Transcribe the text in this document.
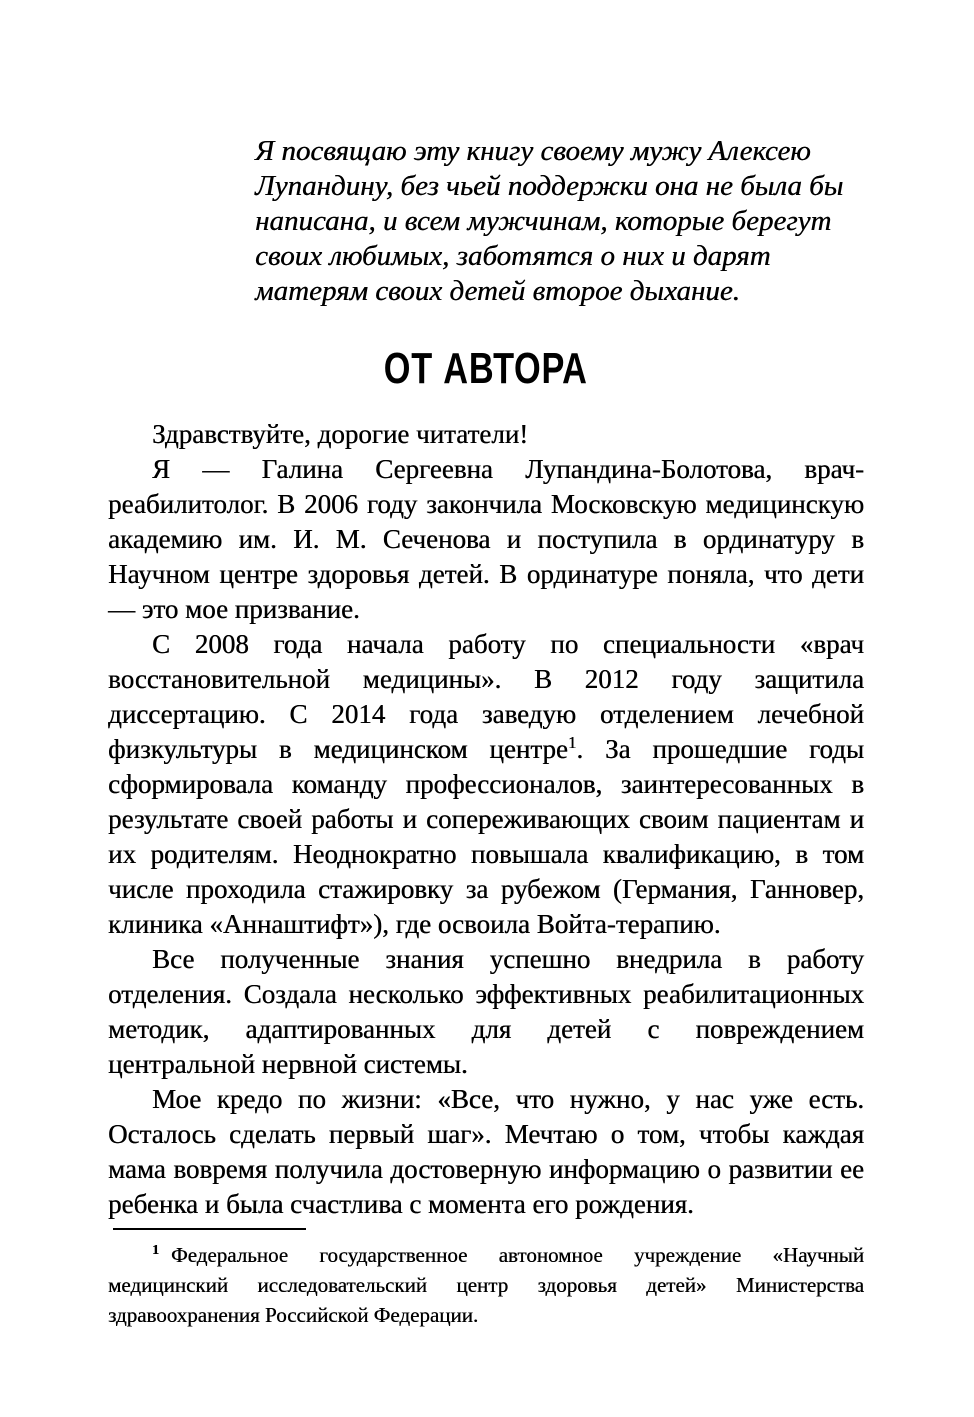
Я посвящаю эту книгу своему мужу Алексею
Лупандину, без чьей поддержки она не была бы
написана, и всем мужчинам, которые берегут
своих любимых, заботятся о них и дарят
матерям своих детей второе дыхание.
ОТ АВТОРА

Здравствуйте, дорогие читатели!

Я — Галина Сергеевна Лупандина-Болотова, врач-реабилитолог. В 2006 году закончила Московскую медицинскую академию им. И. М. Сеченова и поступила в ординатуру в Научном центре здоровья детей. В ординатуре поняла, что дети — это мое призвание.

С 2008 года начала работу по специальности «врач восстановительной медицины». В 2012 году защитила диссертацию. С 2014 года заведую отделением лечебной физкультуры в медицинском центре$^1$. За прошедшие годы сформировала команду профессионалов, заинтересованных в результате своей работы и сопереживающих своим пациентам и их родителям. Неоднократно повышала квалификацию, в том числе проходила стажировку за рубежом (Германия, Ганновер, клиника «Аннаштифт»), где освоила Войта-терапию.

Все полученные знания успешно внедрила в работу отделения. Создала несколько эффективных реабилитационных методик, адаптированных для детей с повреждением центральной нервной системы.

Мое кредо по жизни: «Все, что нужно, у нас уже есть. Осталось сделать первый шаг». Мечтаю о том, чтобы каждая мама вовремя получила достоверную информацию о развитии ее ребенка и была счастлива с момента его рождения.

$^1$ Федеральное государственное автономное учреждение «Научный медицинский исследовательский центр здоровья детей» Министерства здравоохранения Российской Федерации.
